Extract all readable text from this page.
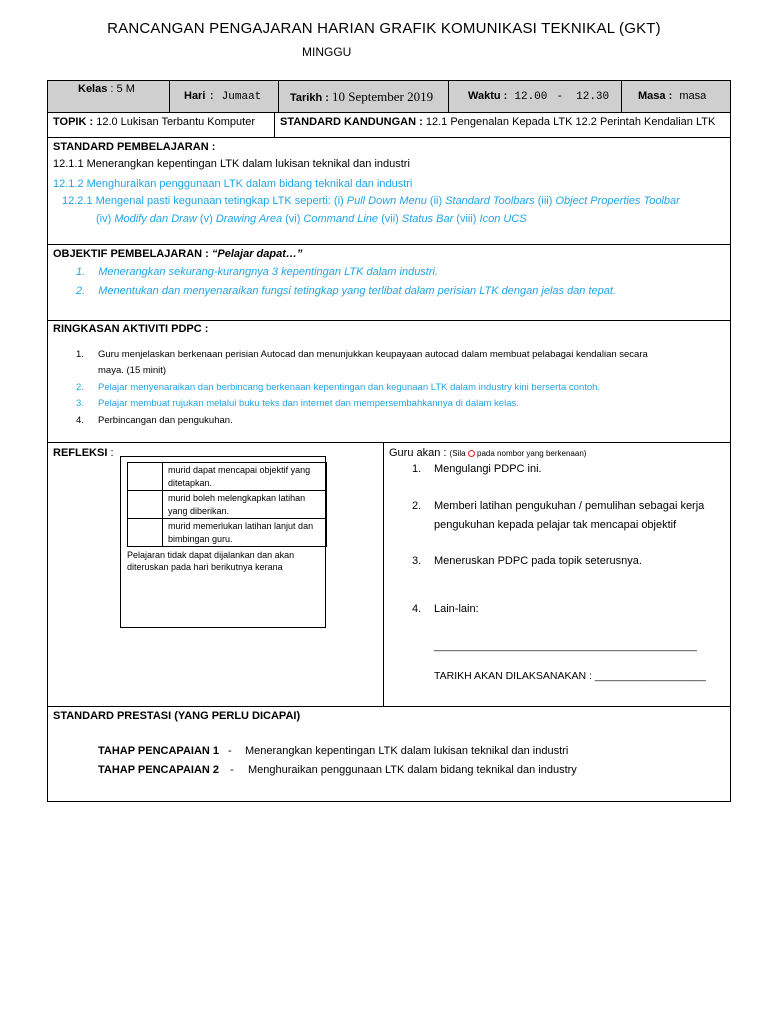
RANCANGAN PENGAJARAN HARIAN GRAFIK KOMUNIKASI TEKNIKAL (GKT)
MINGGU
Kelas : 5 M
Hari : Jumaat	Tarikh : 10 September 2019	Waktu : 12.00 - 12.30	Masa : masa
TOPIK : 12.0 Lukisan Terbantu Komputer STANDARD KANDUNGAN : 12.1 Pengenalan Kepada LTK 12.2 Perintah Kendalian LTK
STANDARD PEMBELAJARAN :
12.1.1 Menerangkan kepentingan LTK dalam lukisan teknikal dan industri
12.1.2 Menghuraikan penggunaan LTK dalam bidang teknikal dan industri
12.2.1 Mengenal pasti kegunaan tetingkap LTK seperti: (i) Pull Down Menu (ii) Standard Toolbars (iii) Object Properties Toolbar
(iv) Modify dan Draw (v) Drawing Area (vi) Command Line (vii) Status Bar (viii) Icon UCS
OBJEKTIF PEMBELAJARAN : “Pelajar dapat…”
1. Menerangkan sekurang-kurangnya 3 kepentingan LTK dalam industri.
2. Menentukan dan menyenaraikan fungsi tetingkap yang terlibat dalam perisian LTK dengan jelas dan tepat.
RINGKASAN AKTIVITI PDPC :
1. Guru menjelaskan berkenaan perisian Autocad dan menunjukkan keupayaan autocad dalam membuat pelabagai kendalian secara
maya. (15 minit)
2. Pelajar menyenaraikan dan berbincang berkenaan kepentingan dan kegunaan LTK dalam industry kini berserta contoh.
3. Pelajar membuat rujukan melalui buku teks dan internet dan mempersembahkannya di dalam kelas.
4. Perbincangan dan pengukuhan.
REFLEKSI :
murid dapat mencapai objektif yang ditetapkan.
murid boleh melengkapkan latihan yang diberikan.
murid memerlukan latihan lanjut dan bimbingan guru.
Pelajaran tidak dapat dijalankan dan akan diteruskan pada hari berikutnya kerana
Guru akan : (Sila pada nombor yang berkenaan)
1. Mengulangi PDPC ini.
2. Memberi latihan pengukuhan / pemulihan sebagai kerja
pengukuhan kepada pelajar tak mencapai objektif
3. Meneruskan PDPC pada topik seterusnya.
4. Lain-lain:
_____________________________________________
TARIKH AKAN DILAKSANAKAN : ___________________
STANDARD PRESTASI (YANG PERLU DICAPAI)
TAHAP PENCAPAIAN 1 - Menerangkan kepentingan LTK dalam lukisan teknikal dan industri
TAHAP PENCAPAIAN 2 - Menghuraikan penggunaan LTK dalam bidang teknikal dan industry
